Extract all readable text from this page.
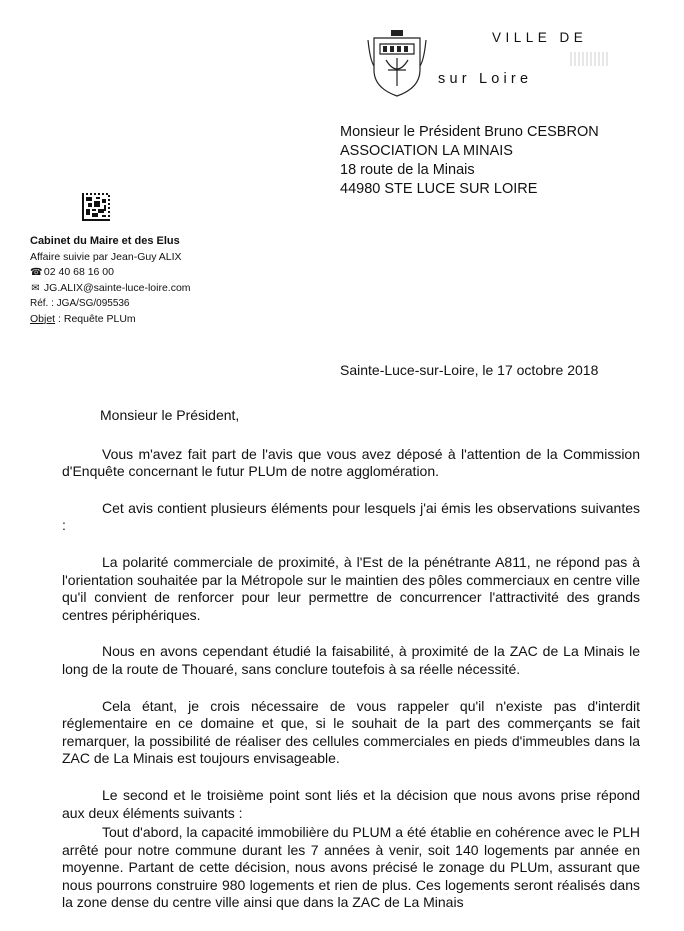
VILLE DE
sur Loire
Monsieur le Président Bruno CESBRON
ASSOCIATION LA MINAIS
18 route de la Minais
44980 STE LUCE SUR LOIRE
Cabinet du Maire et des Elus
Affaire suivie par Jean-Guy ALIX
☎ 02 40 68 16 00
✉ JG.ALIX@sainte-luce-loire.com
Réf. : JGA/SG/095536
Objet : Requête PLUm
Sainte-Luce-sur-Loire, le 17 octobre 2018

Monsieur le Président,

Vous m'avez fait part de l'avis que vous avez déposé à l'attention de la Commission d'Enquête concernant le futur PLUm de notre agglomération.

Cet avis contient plusieurs éléments pour lesquels j'ai émis les observations suivantes :

La polarité commerciale de proximité, à l'Est de la pénétrante A811, ne répond pas à l'orientation souhaitée par la Métropole sur le maintien des pôles commerciaux en centre ville qu'il convient de renforcer pour leur permettre de concurrencer l'attractivité des grands centres périphériques.

Nous en avons cependant étudié la faisabilité, à proximité de la ZAC de La Minais le long de la route de Thouaré, sans conclure toutefois à sa réelle nécessité.

Cela étant, je crois nécessaire de vous rappeler qu'il n'existe pas d'interdit réglementaire en ce domaine et que, si le souhait de la part des commerçants se fait remarquer, la possibilité de réaliser des cellules commerciales en pieds d'immeubles dans la ZAC de La Minais est toujours envisageable.

Le second et le troisième point sont liés et la décision que nous avons prise répond aux deux éléments suivants :

Tout d'abord, la capacité immobilière du PLUM a été établie en cohérence avec le PLH arrêté pour notre commune durant les 7 années à venir, soit 140 logements par année en moyenne. Partant de cette décision, nous avons précisé le zonage du PLUm, assurant que nous pourrons construire 980 logements et rien de plus. Ces logements seront réalisés dans la zone dense du centre ville ainsi que dans la ZAC de La Minais
